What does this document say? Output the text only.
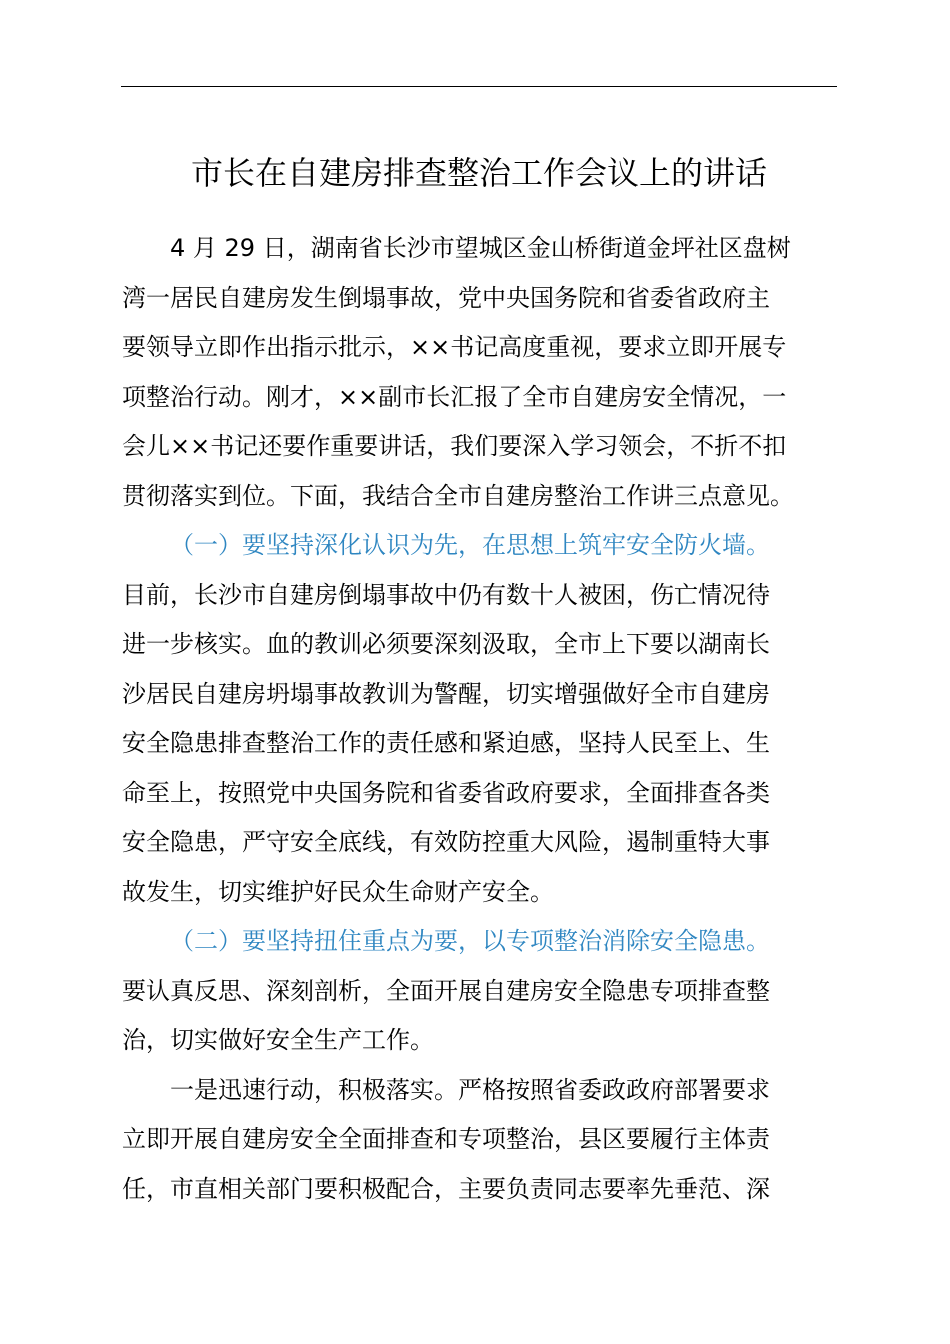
市长在自建房排查整治工作会议上的讲话
4 月 29 日，湖南省长沙市望城区金山桥街道金坪社区盘树
湾一居民自建房发生倒塌事故，党中央国务院和省委省政府主
要领导立即作出指示批示，××书记高度重视，要求立即开展专
项整治行动。刚才，××副市长汇报了全市自建房安全情况，一
会儿××书记还要作重要讲话，我们要深入学习领会，不折不扣
贯彻落实到位。下面，我结合全市自建房整治工作讲三点意见。
（一）要坚持深化认识为先，在思想上筑牢安全防火墙。
目前，长沙市自建房倒塌事故中仍有数十人被困，伤亡情况待
进一步核实。血的教训必须要深刻汲取，全市上下要以湖南长
沙居民自建房坍塌事故教训为警醒，切实增强做好全市自建房
安全隐患排查整治工作的责任感和紧迫感，坚持人民至上、生
命至上，按照党中央国务院和省委省政府要求，全面排查各类
安全隐患，严守安全底线，有效防控重大风险，遏制重特大事
故发生，切实维护好民众生命财产安全。
（二）要坚持扭住重点为要，以专项整治消除安全隐患。
要认真反思、深刻剖析，全面开展自建房安全隐患专项排查整
治，切实做好安全生产工作。
一是迅速行动，积极落实。严格按照省委政政府部署要求
立即开展自建房安全全面排查和专项整治，县区要履行主体责
任，市直相关部门要积极配合，主要负责同志要率先垂范、深
